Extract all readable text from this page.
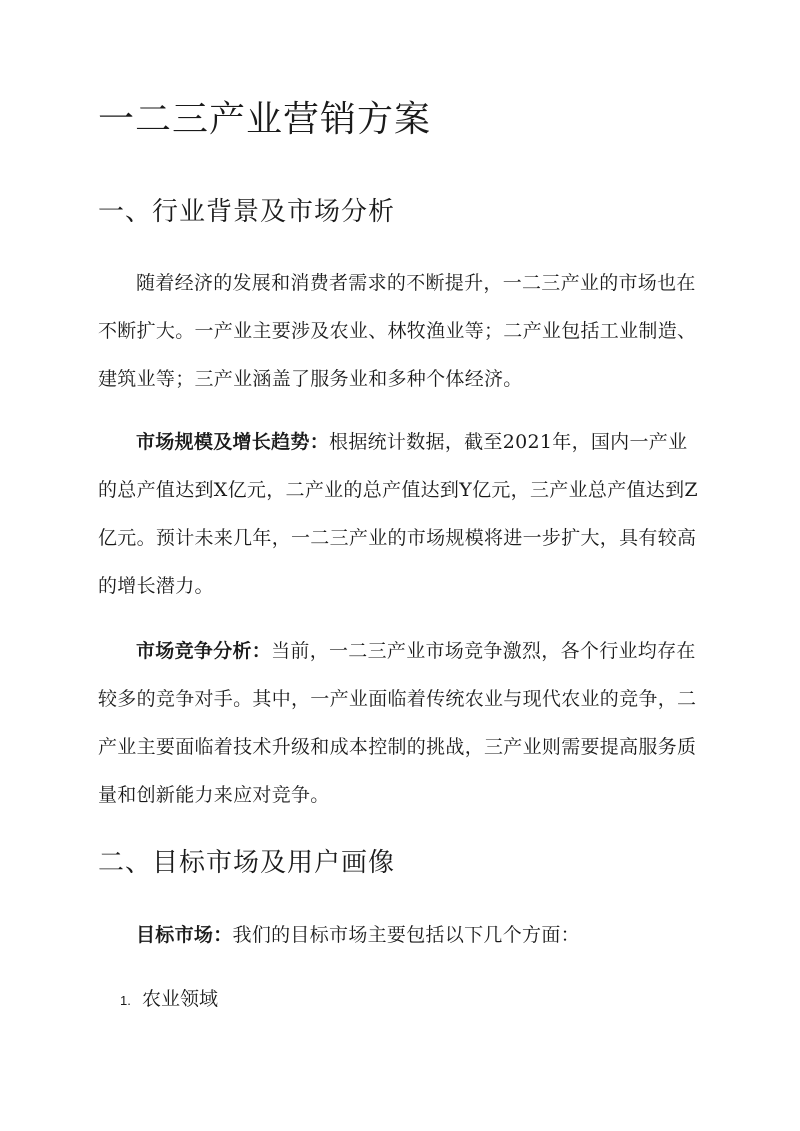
一二三产业营销方案
一、行业背景及市场分析

随着经济的发展和消费者需求的不断提升，一二三产业的市场也在不断扩大。一产业主要涉及农业、林牧渔业等；二产业包括工业制造、建筑业等；三产业涵盖了服务业和多种个体经济。

市场规模及增长趋势：根据统计数据，截至2021年，国内一产业的总产值达到X亿元，二产业的总产值达到Y亿元，三产业总产值达到Z亿元。预计未来几年，一二三产业的市场规模将进一步扩大，具有较高的增长潜力。

市场竞争分析：当前，一二三产业市场竞争激烈，各个行业均存在较多的竞争对手。其中，一产业面临着传统农业与现代农业的竞争，二产业主要面临着技术升级和成本控制的挑战，三产业则需要提高服务质量和创新能力来应对竞争。

二、目标市场及用户画像

目标市场：我们的目标市场主要包括以下几个方面：

1. 农业领域
